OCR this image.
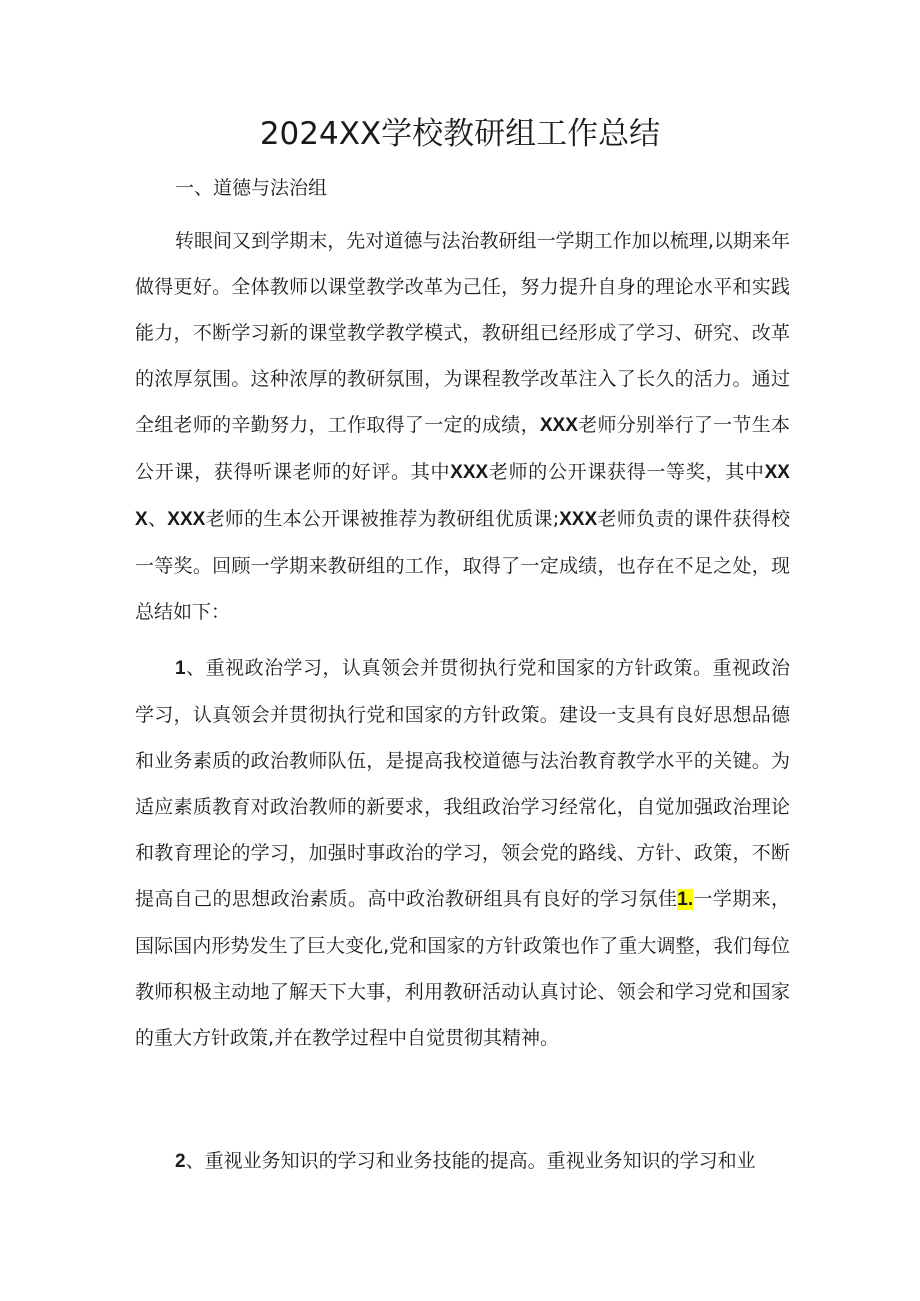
2024XX学校教研组工作总结

一、道德与法治组

转眼间又到学期末，先对道德与法治教研组一学期工作加以梳理,以期来年做得更好。全体教师以课堂教学改革为己任，努力提升自身的理论水平和实践能力，不断学习新的课堂教学教学模式，教研组已经形成了学习、研究、改革的浓厚氛围。这种浓厚的教研氛围，为课程教学改革注入了长久的活力。通过全组老师的辛勤努力，工作取得了一定的成绩，XXX老师分别举行了一节生本公开课，获得听课老师的好评。其中XXX老师的公开课获得一等奖，其中XXX、XXX老师的生本公开课被推荐为教研组优质课;XXX老师负责的课件获得校一等奖。回顾一学期来教研组的工作，取得了一定成绩，也存在不足之处，现总结如下：

1、重视政治学习，认真领会并贯彻执行党和国家的方针政策。重视政治学习，认真领会并贯彻执行党和国家的方针政策。建设一支具有良好思想品德和业务素质的政治教师队伍，是提高我校道德与法治教育教学水平的关键。为适应素质教育对政治教师的新要求，我组政治学习经常化，自觉加强政治理论和教育理论的学习，加强时事政治的学习，领会党的路线、方针、政策，不断提高自己的思想政治素质。高中政治教研组具有良好的学习氛佳1.一学期来，国际国内形势发生了巨大变化,党和国家的方针政策也作了重大调整，我们每位教师积极主动地了解天下大事，利用教研活动认真讨论、领会和学习党和国家的重大方针政策,并在教学过程中自觉贯彻其精神。

2、重视业务知识的学习和业务技能的提高。重视业务知识的学习和业
